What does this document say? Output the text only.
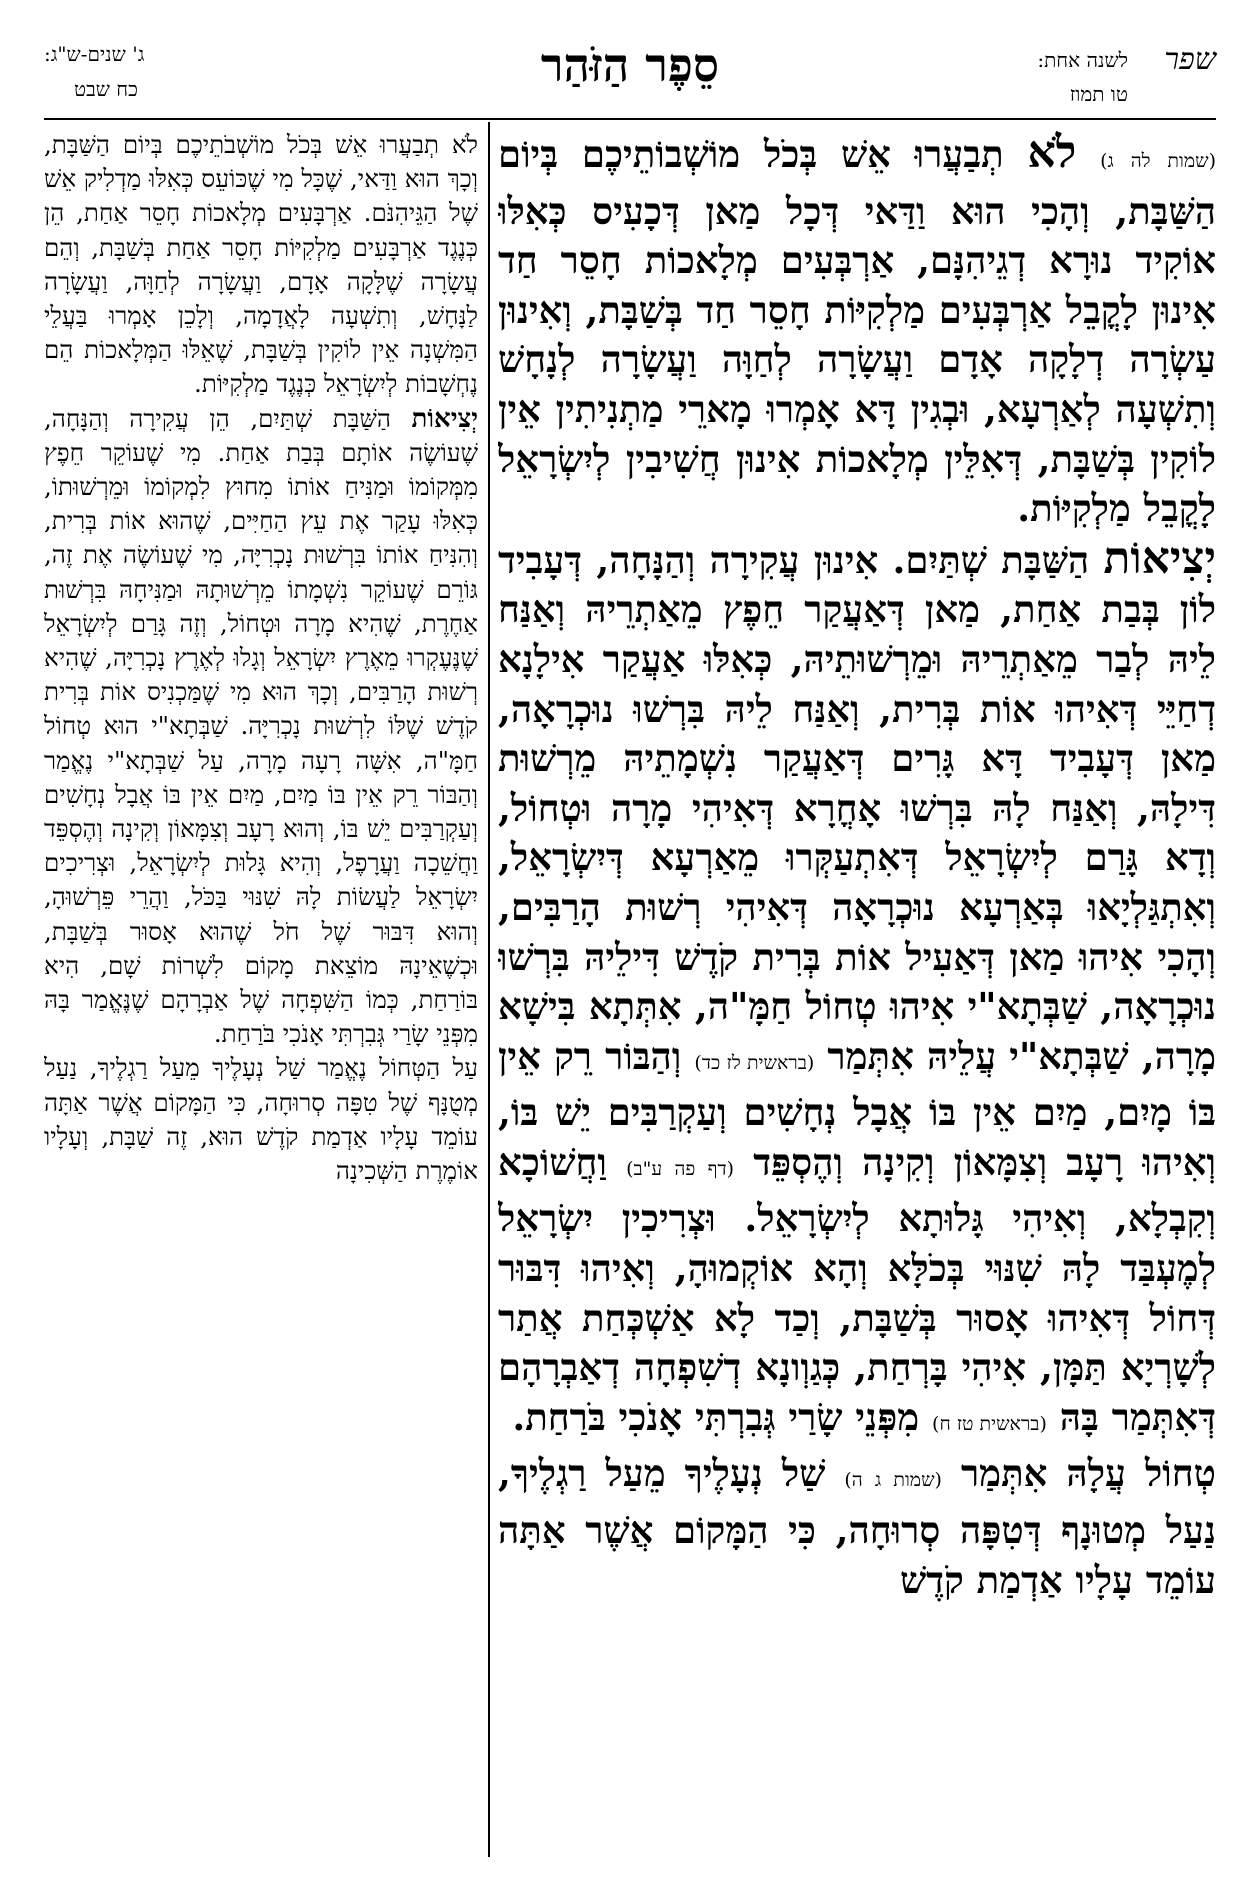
שפר
לשנה אחת:
טו תמוז
סֵפֶר הַזֹּהַר
ג' שנים-ש"ג:
כח שבט

(שמות לה ג) לֹא תְבַעֲרוּ אֵשׁ בְּכֹל מוֹשְׁבוֹתֵיכֶם בְּיוֹם הַשַּׁבָּת, וְהָכִי הוּא וַדַּאי דְּכָל מַאן דְּכָעִיס כְּאִלּוּ אוֹקִיד נוּרָא דְגֵיהִנָּם, אַרְבְּעִים מְלָאכוֹת חָסֵר חַד אִינוּן לָקֳבֵל אַרְבְּעִים מַלְקִיּוֹת חָסֵר חַד בְּשַׁבָּת, וְאִינוּן עַשְׂרָה דְלָקָה אָדָם וַעֲשָׂרָה לְחַוָּה וַעֲשָׂרָה לְנָחָשׁ וְתִשְׁעָה לְאַרְעָא, וּבְגִין דָּא אָמְרוּ מָארֵי מַתְנִיתִין אֵין לוֹקִין בְּשַׁבָּת, דְּאִלֵּין מְלָאכוֹת אִינוּן חֲשִׁיבִין לְיִשְׂרָאֵל לָקֳבֵל מַלְקִיּוֹת.

יְצִיאוֹת הַשַּׁבָּת שְׁתַּיִם. אִינוּן עֲקִירָה וְהַנָּחָה, דְּעָבִיד לוֹן בְּבַת אַחַת, מַאן דְּאַעֲקַר חֵפֶץ מֵאַתְרֵיהּ וְאַנַּח לֵיהּ לְבַר מֵאַתְרֵיהּ וּמֵרְשׁוּתֵיהּ, כְּאִלּוּ אַעֲקַר אִילָנָא דְחַיֵּי דְּאִיהוּ אוֹת בְּרִית, וְאַנַּח לֵיהּ בִּרְשׁוּ נוּכְרָאָה, מַאן דְּעָבִיד דָּא גָּרִים דְּאַעֲקַר נִשְׁמָתֵיהּ מֵרְשׁוּת דִּילָהּ, וְאַנַּח לָהּ בִּרְשׁוּ אָחֳרָא דְּאִיהִי מָרָה וּטְחוֹל, וְדָא גָּרַם לְיִשְׂרָאֵל דְּאִתְעַקְּרוּ מֵאַרְעָא דְּיִשְׂרָאֵל, וְאִתְגַּלְיָאוּ בְּאַרְעָא נוּכְרָאָה דְּאִיהִי רְשׁוּת הָרַבִּים, וְהָכִי אִיהוּ מַאן דְּאַעִיל אוֹת בְּרִית קֹדֶשׁ דִּילֵיהּ בִּרְשׁוּ נוּכְרָאָה, שַׁבְּתָא"י אִיהוּ טְחוֹל חַמָּ"ה, אִתְּתָא בִּישָׁא מָרָה, שַׁבְּתָא"י עֲלֵיהּ אִתְּמַר (בראשית לז כד) וְהַבּוֹר רֵק אֵין בּוֹ מָיִם, מַיִם אֵין בּוֹ אֲבָל נְחָשִׁים וְעַקְרַבִּים יֵשׁ בּוֹ, וְאִיהוּ רָעָב וְצִמָּאוֹן וְקִינָה וְהֶסְפֵּד (דף פה ע"ב) וַחֲשׁוֹכָא וְקִבְלָא, וְאִיהִי גָּלוּתָא לְיִשְׂרָאֵל. וּצְרִיכִין יִשְׂרָאֵל לְמֶעְבַּד לָהּ שִׁנּוּי בְּכֹלָּא וְהָא אוֹקְמוּהָ, וְאִיהוּ דִּבּוּר דְּחוֹל דְּאִיהוּ אָסוּר בְּשַׁבָּת, וְכַד לָא אַשְׁכְּחַת אֲתַר לְשָׁרְיָא תַּמָּן, אִיהִי בָּרְחַת, כְּגַוְונָא דְשִׁפְחָה דְאַבְרָהָם דְּאִתְּמַר בָּהּ (בראשית טז ח) מִפְּנֵי שָׂרַי גְּבִרְתִּי אָנֹכִי בֹּרַחַת.

טְחוֹל עֲלָהּ אִתְּמַר (שמות ג ה) שַׁל נְעָלֶיךָ מֵעַל רַגְלֶיךָ, נַעַל מְטוּנָף דְּטִפָּה סְרוּחָה, כִּי הַמָּקוֹם אֲשֶׁר אַתָּה עוֹמֵד עָלָיו אַדְמַת קֹדֶשׁ

לֹא תְבַעֲרוּ אֵשׁ בְּכֹל מוֹשְׁבֹתֵיכֶם בְּיוֹם הַשַּׁבָּת, וְכָךְ הוּא וַדַּאי, שֶׁכָּל מִי שֶׁכּוֹעֵס כְּאִלּוּ מַדְלִיק אֵשׁ שֶׁל הַגֵּיהִנֹּם. אַרְבָּעִים מְלָאכוֹת חָסֵר אַחַת, הֵן כְּנֶגֶד אַרְבָּעִים מַלְקִיּוֹת חָסֵר אַחַת בְּשַׁבָּת, וְהֵם עֲשָׂרָה שֶׁלָּקָה אָדָם, וַעֲשָׂרָה לְחַוָּה, וַעֲשָׂרָה לַנָּחָשׁ, וְתִשְׁעָה לָאֲדָמָה, וְלָכֵן אָמְרוּ בַּעֲלֵי הַמִּשְׁנָה אֵין לוֹקִין בְּשַׁבָּת, שֶׁאֵלּוּ הַמְּלָאכוֹת הֵם נֶחְשָׁבוֹת לְיִשְׂרָאֵל כְּנֶגֶד מַלְקִיּוֹת.

יְצִיאוֹת הַשַּׁבָּת שְׁתַּיִם, הֵן עֲקִירָה וְהַנָּחָה, שֶׁעוֹשֶׂה אוֹתָם בְּבַת אַחַת. מִי שֶׁעוֹקֵר חֵפֶץ מִמְּקוֹמוֹ וּמַנִּיחַ אוֹתוֹ מִחוּץ לִמְקוֹמוֹ וּמֵרְשׁוּתוֹ, כְּאִלּוּ עָקַר אֶת עֵץ הַחַיִּים, שֶׁהוּא אוֹת בְּרִית, וְהִנִּיחַ אוֹתוֹ בִּרְשׁוּת נָכְרִיָּה, מִי שֶׁעוֹשֶׂה אֶת זֶה, גּוֹרֵם שֶׁעוֹקֵר נִשְׁמָתוֹ מֵרְשׁוּתָהּ וּמַנִּיחָהּ בִּרְשׁוּת אַחֶרֶת, שֶׁהִיא מָרָה וּטְחוֹל, וְזֶה גָּרַם לְיִשְׂרָאֵל שֶׁנֶּעֶקְרוּ מֵאֶרֶץ יִשְׂרָאֵל וְגָלוּ לְאֶרֶץ נָכְרִיָּה, שֶׁהִיא רְשׁוּת הָרַבִּים, וְכָךְ הוּא מִי שֶׁמַּכְנִיס אוֹת בְּרִית קֹדֶשׁ שֶׁלּוֹ לִרְשׁוּת נָכְרִיָּה. שַׁבְּתָא"י הוּא טְחוֹל חַמָּ"ה, אִשָּׁה רָעָה מָרָה, עַל שַׁבְּתָא"י נֶאֱמַר וְהַבּוֹר רֵק אֵין בּוֹ מַיִם, מַיִם אֵין בּוֹ אֲבָל נְחָשִׁים וְעַקְרַבִּים יֵשׁ בּוֹ, וְהוּא רָעָב וְצִמָּאוֹן וְקִינָה וְהֶסְפֵּד וַחֲשֵׁכָה וַעֲרָפֶל, וְהִיא גָּלוּת לְיִשְׂרָאֵל, וּצְרִיכִים יִשְׂרָאֵל לַעֲשׂוֹת לָהּ שִׁנּוּי בַּכֹּל, וַהֲרֵי פֵּרְשׁוּהָ, וְהוּא דִּבּוּר שֶׁל חֹל שֶׁהוּא אָסוּר בְּשַׁבָּת, וּכְשֶׁאֵינָהּ מוֹצֵאת מָקוֹם לִשְׁרוֹת שָׁם, הִיא בּוֹרַחַת, כְּמוֹ הַשִּׁפְחָה שֶׁל אַבְרָהָם שֶׁנֶּאֱמַר בָּהּ מִפְּנֵי שָׂרַי גְּבִרְתִּי אָנֹכִי בֹּרַחַת.

עַל הַטְּחוֹל נֶאֱמַר שַׁל נְעָלֶיךָ מֵעַל רַגְלֶיךָ, נַעַל מְטֻנָּף שֶׁל טִפָּה סְרוּחָה, כִּי הַמָּקוֹם אֲשֶׁר אַתָּה עוֹמֵד עָלָיו אַדְמַת קֹדֶשׁ הוּא, זֶה שַׁבָּת, וְעָלָיו אוֹמֶרֶת הַשְּׁכִינָה
